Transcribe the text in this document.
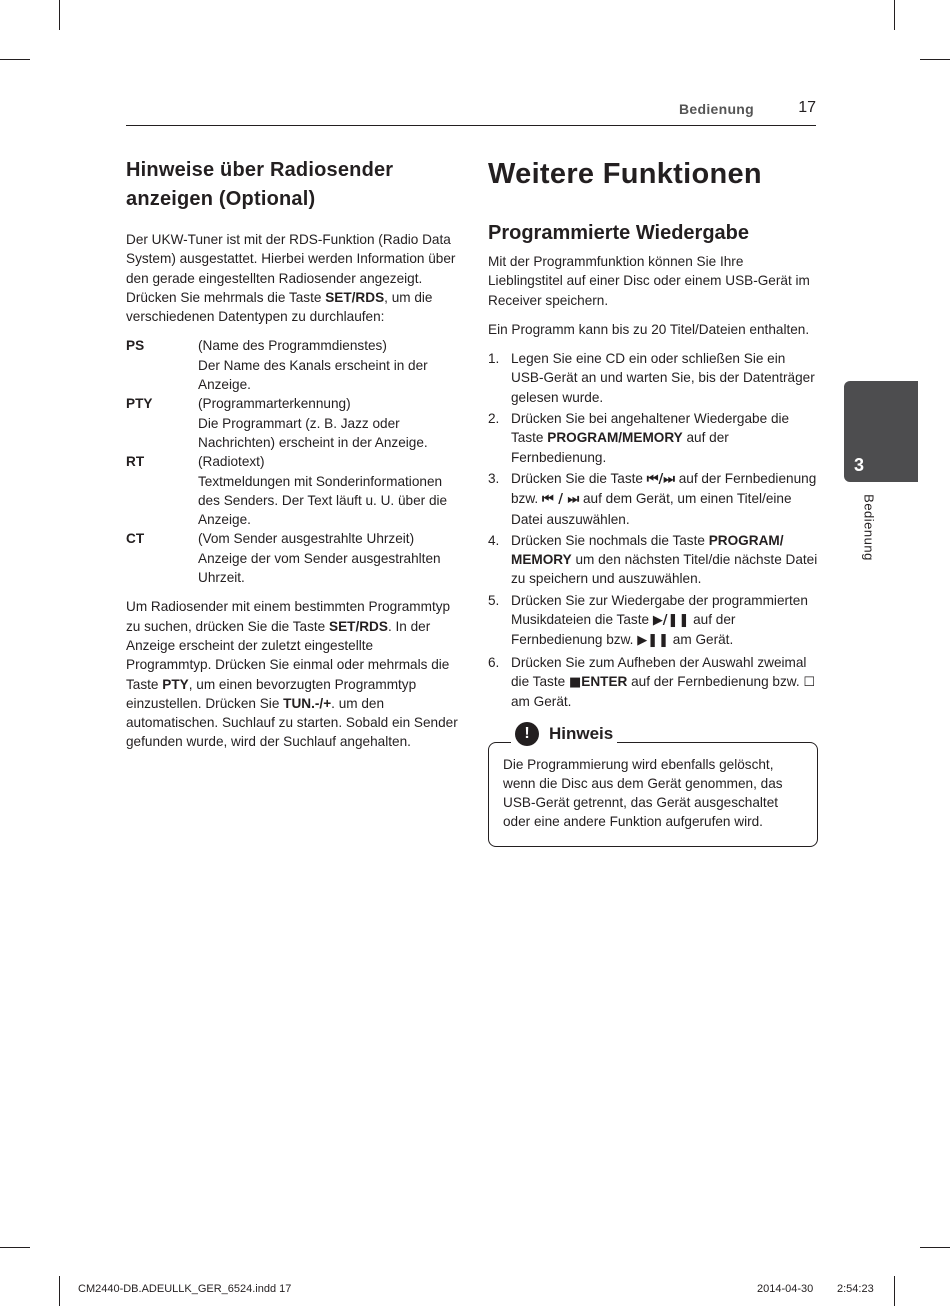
Bedienung	17
Hinweise über Radiosender anzeigen (Optional)

Der UKW-Tuner ist mit der RDS-Funktion (Radio Data System) ausgestattet. Hierbei werden Information über den gerade eingestellten Radiosender angezeigt. Drücken Sie mehrmals die Taste SET/RDS, um die verschiedenen Datentypen zu durchlaufen:

PS	(Name des Programmdienstes)
Der Name des Kanals erscheint in der Anzeige.
PTY	(Programmarterkennung)
Die Programmart (z. B. Jazz oder Nachrichten) erscheint in der Anzeige.
RT	(Radiotext)
Textmeldungen mit Sonderinformationen des Senders. Der Text läuft u. U. über die Anzeige.
CT	(Vom Sender ausgestrahlte Uhrzeit)
Anzeige der vom Sender ausgestrahlten Uhrzeit.

Um Radiosender mit einem bestimmten Programmtyp zu suchen, drücken Sie die Taste SET/RDS. In der Anzeige erscheint der zuletzt eingestellte Programmtyp. Drücken Sie einmal oder mehrmals die Taste PTY, um einen bevorzugten Programmtyp einzustellen. Drücken Sie TUN.-/+. um den automatischen. Suchlauf zu starten. Sobald ein Sender gefunden wurde, wird der Suchlauf angehalten.

Weitere Funktionen
Programmierte Wiedergabe

Mit der Programmfunktion können Sie Ihre Lieblingstitel auf einer Disc oder einem USB-Gerät im Receiver speichern.

Ein Programm kann bis zu 20 Titel/Dateien enthalten.

1. Legen Sie eine CD ein oder schließen Sie ein USB-Gerät an und warten Sie, bis der Datenträger gelesen wurde.
2. Drücken Sie bei angehaltener Wiedergabe die Taste PROGRAM/MEMORY auf der Fernbedienung.
3. Drücken Sie die Taste ⏮/⏭ auf der Fernbedienung bzw. ⏮ / ⏭ auf dem Gerät, um einen Titel/eine Datei auszuwählen.
4. Drücken Sie nochmals die Taste PROGRAM/ MEMORY um den nächsten Titel/die nächste Datei zu speichern und auszuwählen.
5. Drücken Sie zur Wiedergabe der programmierten Musikdateien die Taste ▶/❚❚ auf der Fernbedienung bzw. ▶❚❚ am Gerät.
6. Drücken Sie zum Aufheben der Auswahl zweimal die Taste ■ENTER auf der Fernbedienung bzw. ☐ am Gerät.
!	Hinweis
Die Programmierung wird ebenfalls gelöscht, wenn die Disc aus dem Gerät genommen, das USB-Gerät getrennt, das Gerät ausgeschaltet oder eine andere Funktion aufgerufen wird.
3
Bedienung
CM2440-DB.ADEULLK_GER_6524.indd 17	2014-04-30 2:54:23
